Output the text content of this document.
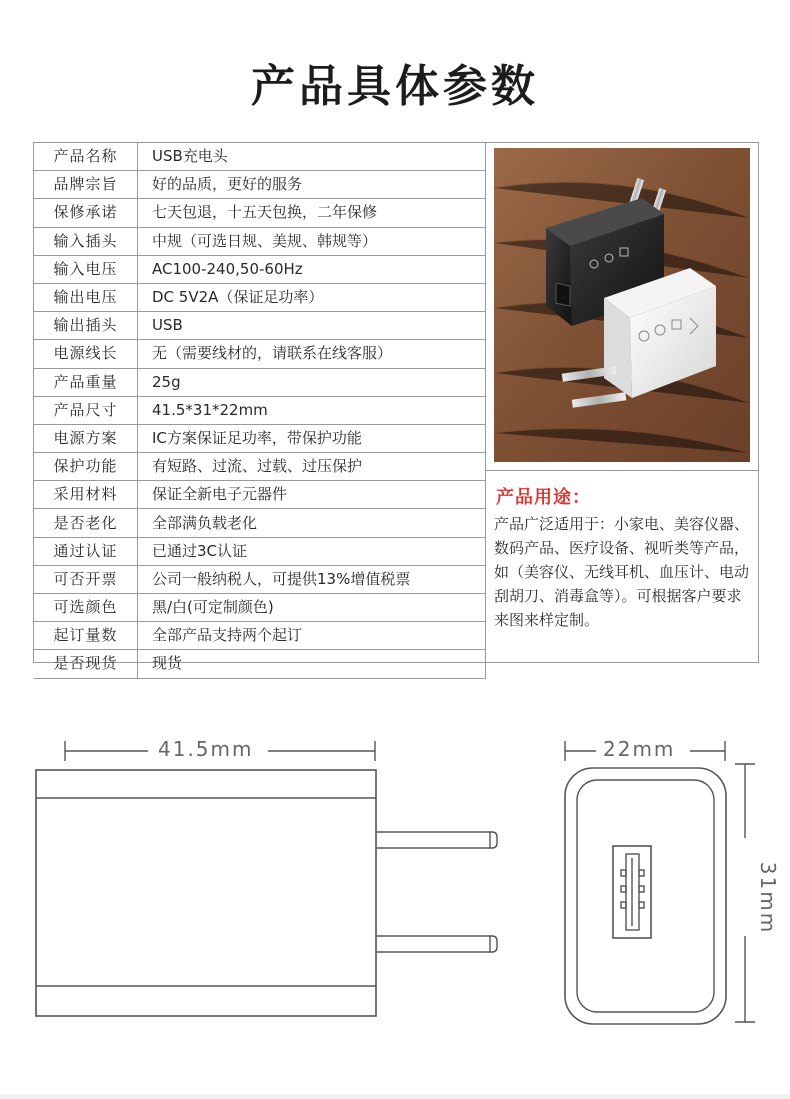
产品具体参数
产品名称	USB充电头
品牌宗旨	好的品质，更好的服务
保修承诺	七天包退，十五天包换，二年保修
输入插头	中规（可选日规、美规、韩规等）
输入电压	AC100-240,50-60Hz
输出电压	DC 5V2A（保证足功率）
输出插头	USB
电源线长	无（需要线材的，请联系在线客服）
产品重量	25g
产品尺寸	41.5*31*22mm
电源方案	IC方案保证足功率，带保护功能
保护功能	有短路、过流、过载、过压保护
采用材料	保证全新电子元器件
是否老化	全部满负载老化
通过认证	已通过3C认证
可否开票	公司一般纳税人，可提供13%增值税票
可选颜色	黑/白(可定制颜色)
起订量数	全部产品支持两个起订
是否现货	现货
产品用途：
产品广泛适用于：小家电、美容仪器、数码产品、医疗设备、视听类等产品，如（美容仪、无线耳机、血压计、电动刮胡刀、消毒盒等）。可根据客户要求来图来样定制。
41.5mm	22mm
31mm
